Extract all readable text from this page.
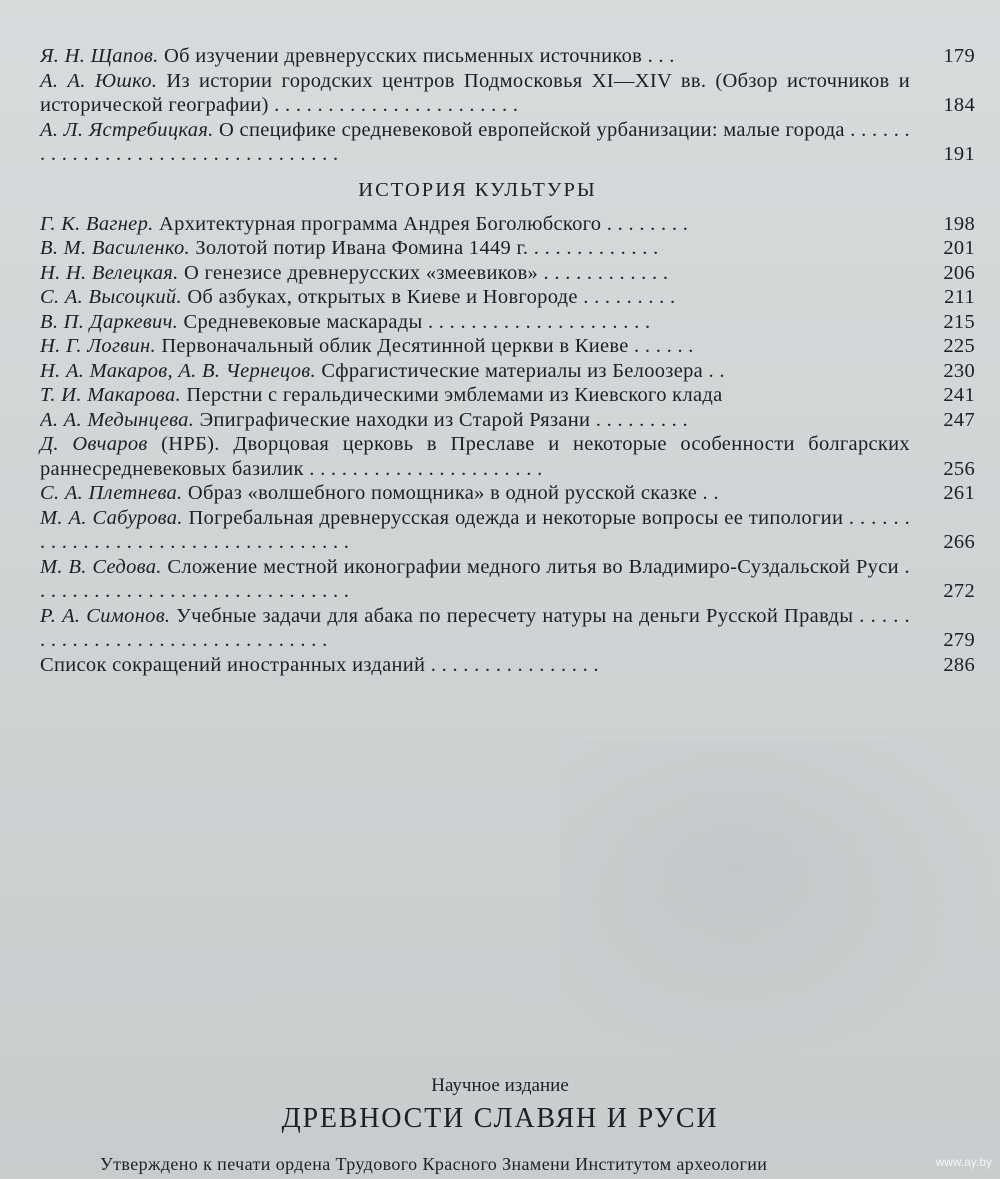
Я. Н. Щапов. Об изучении древнерусских письменных источников . . .	179
А. А. Юшко. Из истории городских центров Подмосковья XI—XIV вв. (Обзор источников и исторической географии) . . . . . . . . . . . . . . . . . . . . . . .	184
А. Л. Ястребицкая. О специфике средневековой европейской урбанизации: малые города . . . . . . . . . . . . . . . . . . . . . . . . . . . . . . . . . .	191
ИСТОРИЯ КУЛЬТУРЫ
Г. К. Вагнер. Архитектурная программа Андрея Боголюбского . . . . . . . .	198
В. М. Василенко. Золотой потир Ивана Фомина 1449 г. . . . . . . . . . . . .	201
Н. Н. Велецкая. О генезисе древнерусских «змеевиков» . . . . . . . . . . . .	206
С. А. Высоцкий. Об азбуках, открытых в Киеве и Новгороде . . . . . . . . .	211
В. П. Даркевич. Средневековые маскарады . . . . . . . . . . . . . . . . . . . . .	215
Н. Г. Логвин. Первоначальный облик Десятинной церкви в Киеве . . . . . .	225
Н. А. Макаров, А. В. Чернецов. Сфрагистические материалы из Белоозера . .	230
Т. И. Макарова. Перстни с геральдическими эмблемами из Киевского клада	241
А. А. Медынцева. Эпиграфические находки из Старой Рязани . . . . . . . . .	247
Д. Овчаров (НРБ). Дворцовая церковь в Преславе и некоторые особенности болгарских раннесредневековых базилик . . . . . . . . . . . . . . . . . . . . . .	256
С. А. Плетнева. Образ «волшебного помощника» в одной русской сказке . .	261
М. А. Сабурова. Погребальная древнерусская одежда и некоторые вопросы ее типологии . . . . . . . . . . . . . . . . . . . . . . . . . . . . . . . . . . .	266
М. В. Седова. Сложение местной иконографии медного литья во Владимиро-Суздальской Руси . . . . . . . . . . . . . . . . . . . . . . . . . . . . . .	272
Р. А. Симонов. Учебные задачи для абака по пересчету натуры на деньги Русской Правды . . . . . . . . . . . . . . . . . . . . . . . . . . . . . . . .	279
Список сокращений иностранных изданий . . . . . . . . . . . . . . . .	286
Научное издание
ДРЕВНОСТИ СЛАВЯН И РУСИ
Утверждено к печати ордена Трудового Красного Знамени Институтом археологии	www.ay.by
